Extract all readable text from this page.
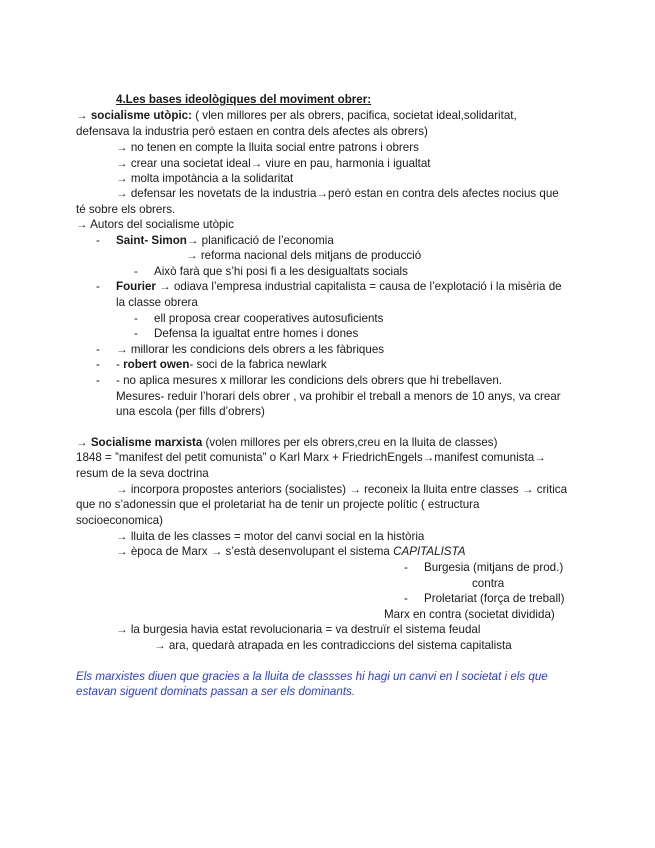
4.Les bases ideològiques del moviment obrer:
→ socialisme utòpic: ( vlen millores per als obrers, pacifica, societat ideal,solidaritat,
defensava la industria però estaen en contra dels afectes als obrers)
→ no tenen en compte la lluita social entre patrons i obrers
→ crear una societat ideal→ viure en pau, harmonia i igualtat
→ molta impotància a la solidaritat
→ defensar les novetats de la industria→però estan en contra dels afectes nocius que
té sobre els obrers.
→ Autors del socialisme utòpic
- Saint- Simon→ planificació de l’economia
→ reforma nacional dels mitjans de producció
- Això farà que s’hi posi fi a les desigualtats socials
- Fourier → odiava l’empresa industrial capitalista = causa de l’explotació i la misèria de
la classe obrera
- ell proposa crear cooperatives autosuficients
- Defensa la igualtat entre homes i dones
- → millorar les condicions dels obrers a les fàbriques
- - robert owen- soci de la fabrica newlark
- - no aplica mesures x millorar les condicions dels obrers que hi trebellaven.
Mesures- reduir l’horari dels obrer , va prohibir el treball a menors de 10 anys, va crear
una escola (per fills d’obrers)
→ Socialisme marxista (volen millores per els obrers,creu en la lluita de classes)
1848 = ”manifest del petit comunista” o Karl Marx + FriedrichEngels→manifest comunista→
resum de la seva doctrina
→ incorpora propostes anteriors (socialistes) → reconeix la lluita entre classes → critica
que no s’adonessin que el proletariat ha de tenir un projecte polític ( estructura
socioeconomica)
→ lluita de les classes = motor del canvi social en la història
→ època de Marx → s’està desenvolupant el sistema CAPITALISTA
- Burgesia (mitjans de prod.)
contra
- Proletariat (força de treball)
Marx en contra (societat dividida)
→ la burgesia havia estat revolucionaria = va destruïr el sistema feudal
→ ara, quedarà atrapada en les contradiccions del sistema capitalista
Els marxistes diuen que gracies a la lluita de classses hi hagi un canvi en l societat i els que
estavan siguent dominats passan a ser els dominants.
